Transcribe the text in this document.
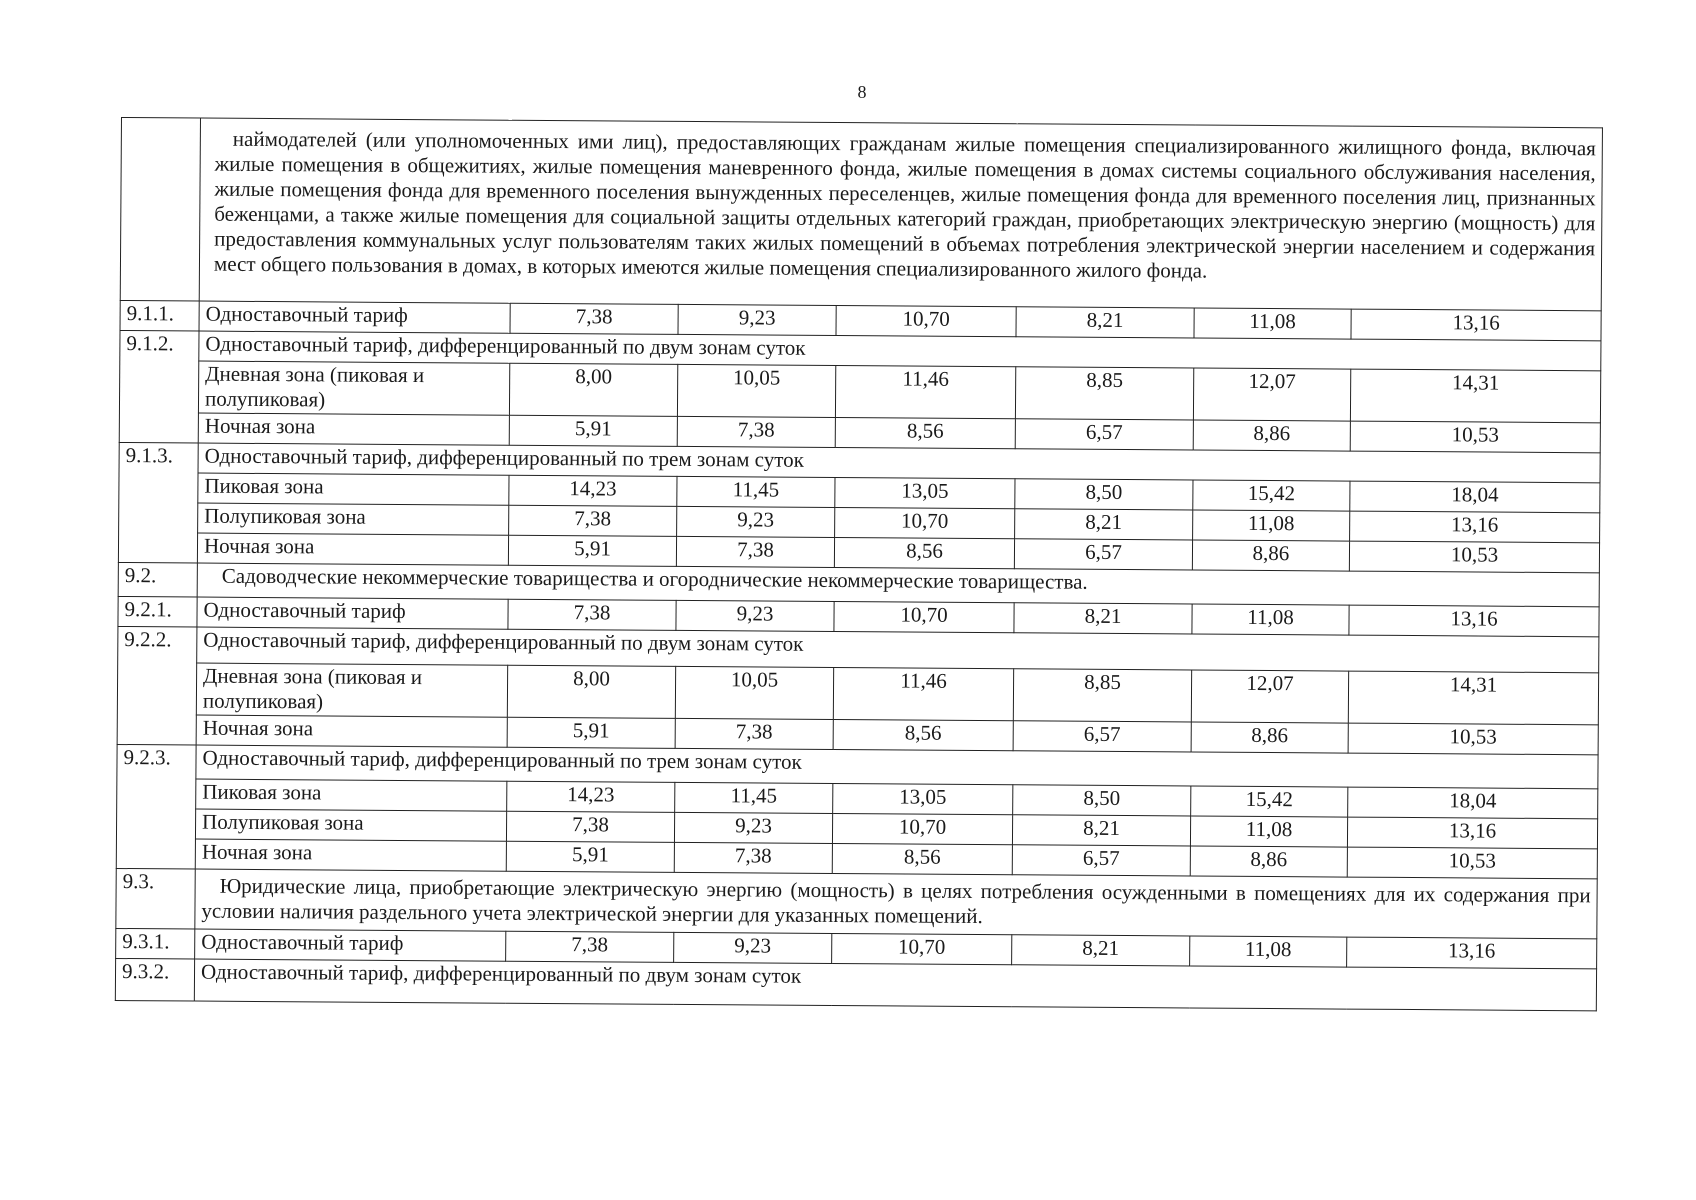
8
	наймодателей (или уполномоченных ими лиц), предоставляющих гражданам жилые помещения специализированного жилищного фонда, включая жилые помещения в общежитиях, жилые помещения маневренного фонда, жилые помещения в домах системы социального обслуживания населения, жилые помещения фонда для временного поселения вынужденных переселенцев, жилые помещения фонда для временного поселения лиц, признанных беженцами, а также жилые помещения для социальной защиты отдельных категорий граждан, приобретающих электрическую энергию (мощность) для предоставления коммунальных услуг пользователям таких жилых помещений в объемах потребления электрической энергии населением и содержания мест общего пользования в домах, в которых имеются жилые помещения специализированного жилого фонда.						
9.1.1.	Одноставочный тариф	7,38	9,23	10,70	8,21	11,08	13,16
9.1.2.	Одноставочный тариф, дифференцированный по двум зонам суток						
	Дневная зона (пиковая и полупиковая)	8,00	10,05	11,46	8,85	12,07	14,31
	Ночная зона	5,91	7,38	8,56	6,57	8,86	10,53
9.1.3.	Одноставочный тариф, дифференцированный по трем зонам суток						
	Пиковая зона	14,23	11,45	13,05	8,50	15,42	18,04
	Полупиковая зона	7,38	9,23	10,70	8,21	11,08	13,16
	Ночная зона	5,91	7,38	8,56	6,57	8,86	10,53
9.2.	Садоводческие некоммерческие товарищества и огороднические некоммерческие товарищества.						
9.2.1.	Одноставочный тариф	7,38	9,23	10,70	8,21	11,08	13,16
9.2.2.	Одноставочный тариф, дифференцированный по двум зонам суток						
	Дневная зона (пиковая и полупиковая)	8,00	10,05	11,46	8,85	12,07	14,31
	Ночная зона	5,91	7,38	8,56	6,57	8,86	10,53
9.2.3.	Одноставочный тариф, дифференцированный по трем зонам суток						
	Пиковая зона	14,23	11,45	13,05	8,50	15,42	18,04
	Полупиковая зона	7,38	9,23	10,70	8,21	11,08	13,16
	Ночная зона	5,91	7,38	8,56	6,57	8,86	10,53
9.3.	Юридические лица, приобретающие электрическую энергию (мощность) в целях потребления осужденными в помещениях для их содержания при условии наличия раздельного учета электрической энергии для указанных помещений.						
9.3.1.	Одноставочный тариф	7,38	9,23	10,70	8,21	11,08	13,16
9.3.2.	Одноставочный тариф, дифференцированный по двум зонам суток						
